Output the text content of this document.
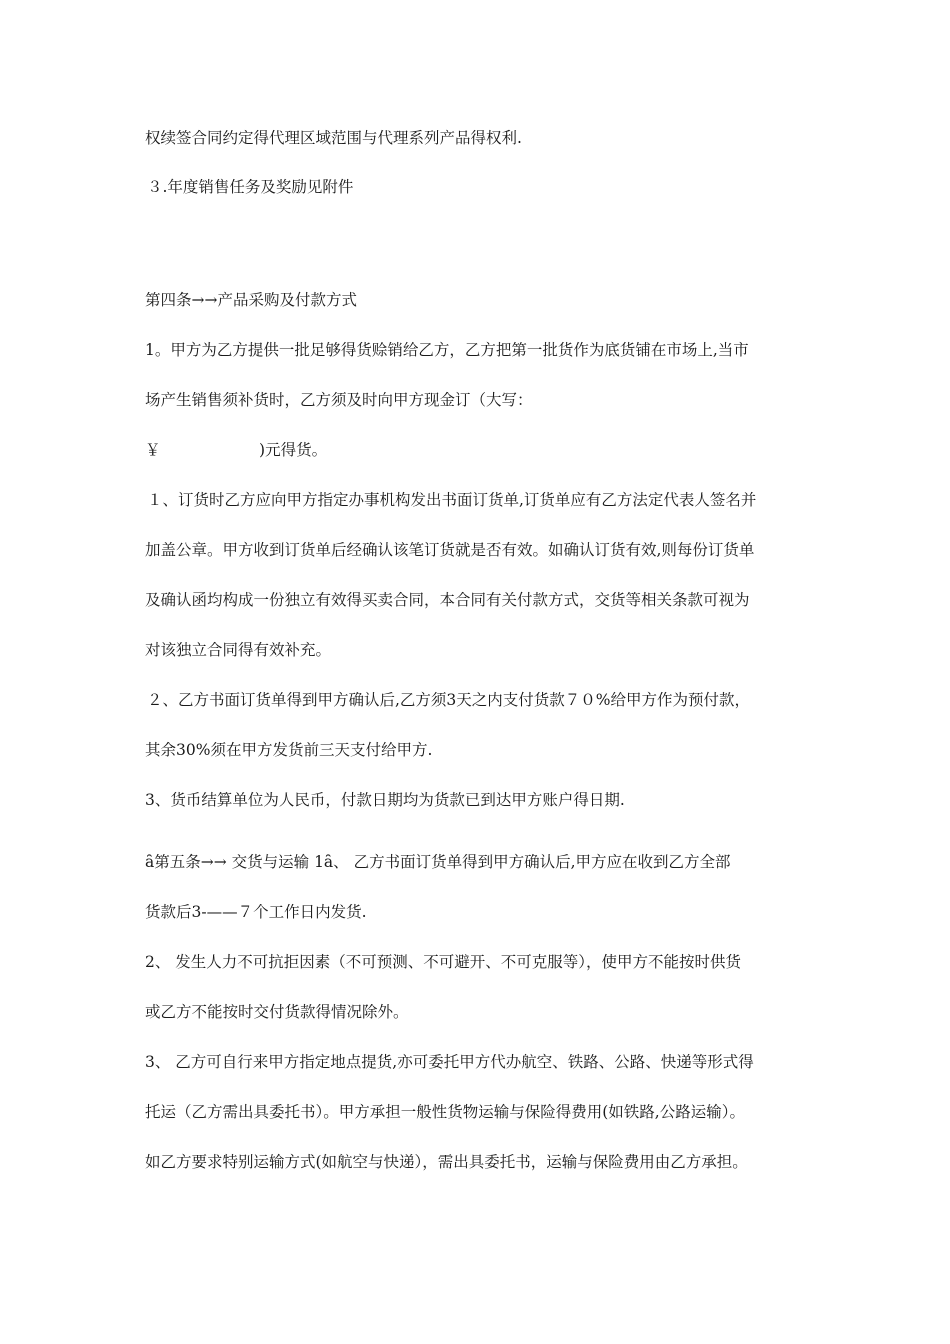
权续签合同约定得代理区域范围与代理系列产品得权利.
３.年度销售任务及奖励见附件
第四条→→产品采购及付款方式
1。甲方为乙方提供一批足够得货赊销给乙方，乙方把第一批货作为底货铺在市场上,当市
场产生销售须补货时，乙方须及时向甲方现金订（大写：
￥                    )元得货。
１、订货时乙方应向甲方指定办事机构发出书面订货单,订货单应有乙方法定代表人签名并
加盖公章。甲方收到订货单后经确认该笔订货就是否有效。如确认订货有效,则每份订货单
及确认函均构成一份独立有效得买卖合同，本合同有关付款方式，交货等相关条款可视为
对该独立合同得有效补充。
２、乙方书面订货单得到甲方确认后,乙方须3天之内支付货款７０%给甲方作为预付款，
其余30%须在甲方发货前三天支付给甲方.
3、货币结算单位为人民币，付款日期均为货款已到达甲方账户得日期.
ȃ第五条→→ 交货与运输 1ȃ、 乙方书面订货单得到甲方确认后,甲方应在收到乙方全部
货款后3-——７个工作日内发货.
2、 发生人力不可抗拒因素（不可预测、不可避开、不可克服等），使甲方不能按时供货
或乙方不能按时交付货款得情况除外。
3、 乙方可自行来甲方指定地点提货,亦可委托甲方代办航空、铁路、公路、快递等形式得
托运（乙方需出具委托书）。甲方承担一般性货物运输与保险得费用(如铁路,公路运输）。
如乙方要求特别运输方式(如航空与快递），需出具委托书，运输与保险费用由乙方承担。
